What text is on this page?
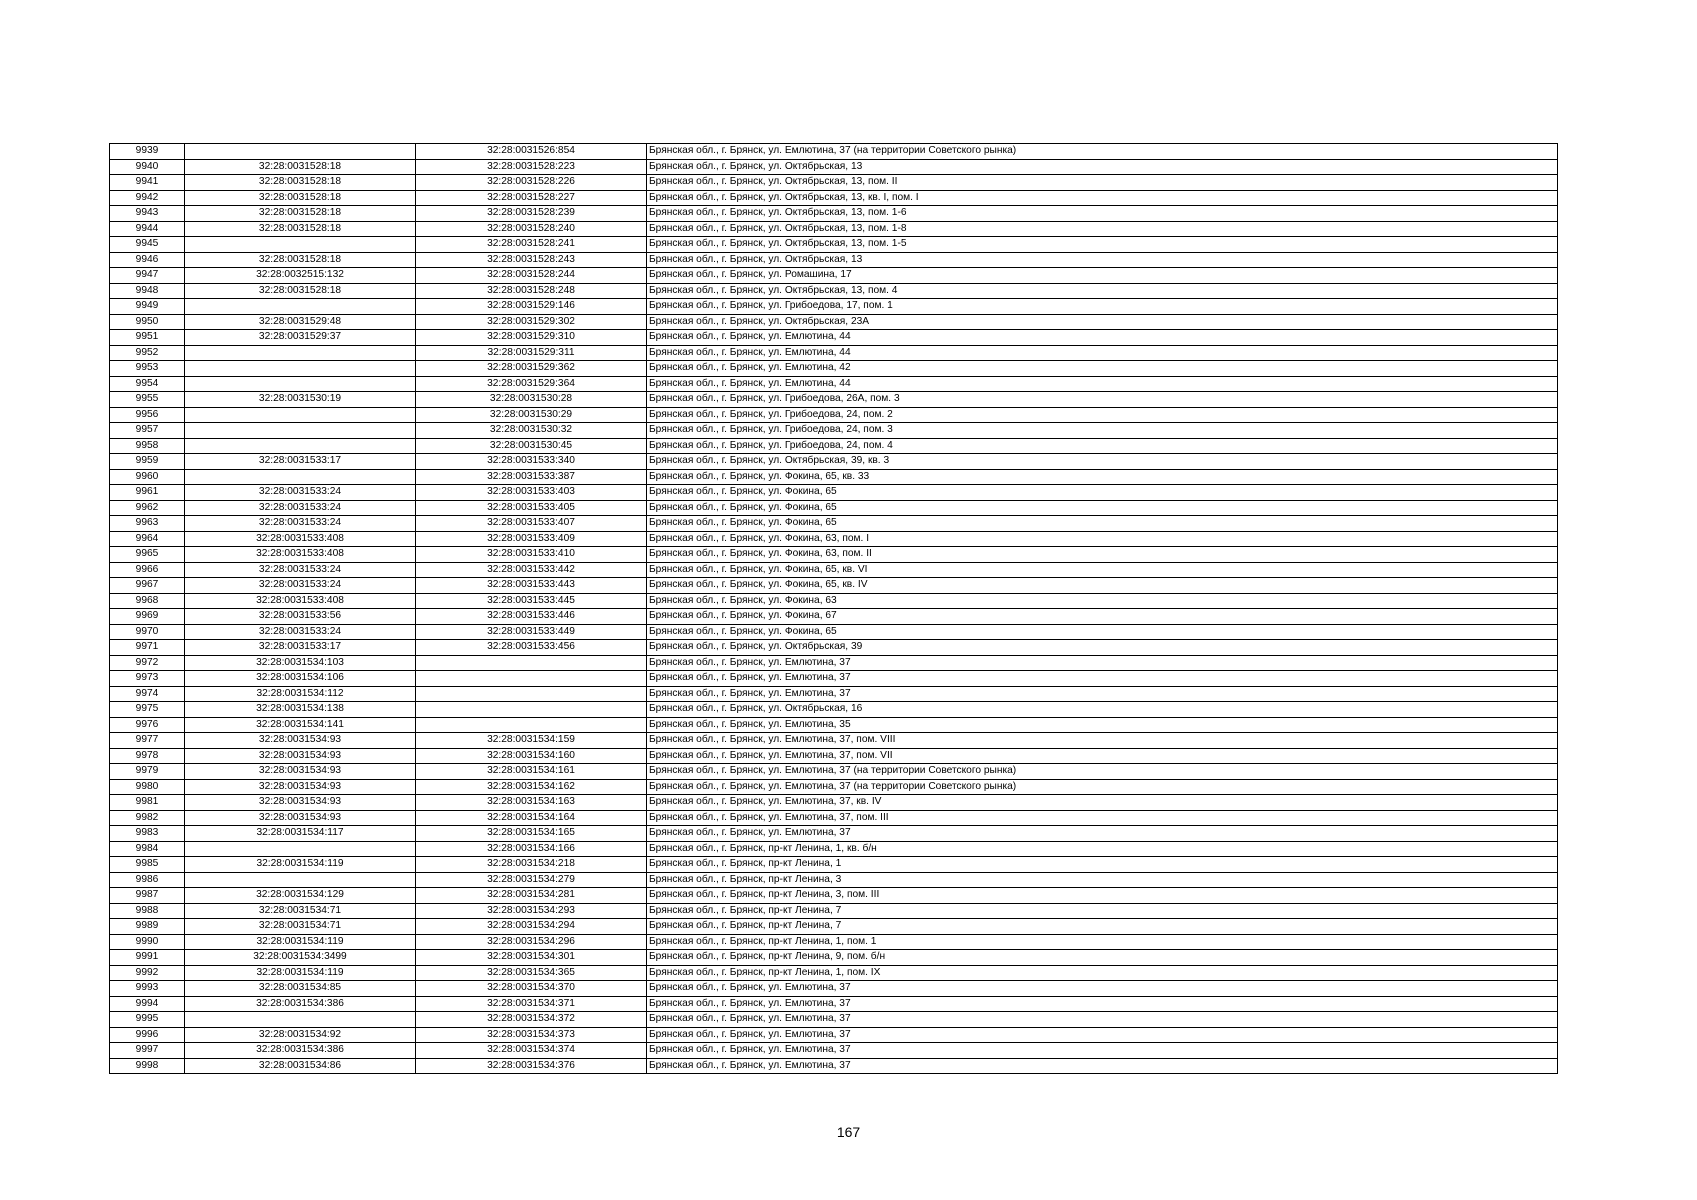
9939		32:28:0031526:854	Брянская обл., г. Брянск, ул. Емлютина, 37 (на территории Советского рынка)
9940	32:28:0031528:18	32:28:0031528:223	Брянская обл., г. Брянск, ул. Октябрьская, 13
9941	32:28:0031528:18	32:28:0031528:226	Брянская обл., г. Брянск, ул. Октябрьская, 13, пом. II
9942	32:28:0031528:18	32:28:0031528:227	Брянская обл., г. Брянск, ул. Октябрьская, 13, кв. I, пом. I
9943	32:28:0031528:18	32:28:0031528:239	Брянская обл., г. Брянск, ул. Октябрьская, 13, пом. 1-6
9944	32:28:0031528:18	32:28:0031528:240	Брянская обл., г. Брянск, ул. Октябрьская, 13, пом. 1-8
9945		32:28:0031528:241	Брянская обл., г. Брянск, ул. Октябрьская, 13, пом. 1-5
9946	32:28:0031528:18	32:28:0031528:243	Брянская обл., г. Брянск, ул. Октябрьская, 13
9947	32:28:0032515:132	32:28:0031528:244	Брянская обл., г. Брянск, ул. Ромашина, 17
9948	32:28:0031528:18	32:28:0031528:248	Брянская обл., г. Брянск, ул. Октябрьская, 13, пом. 4
9949		32:28:0031529:146	Брянская обл., г. Брянск, ул. Грибоедова, 17, пом. 1
9950	32:28:0031529:48	32:28:0031529:302	Брянская обл., г. Брянск, ул. Октябрьская, 23А
9951	32:28:0031529:37	32:28:0031529:310	Брянская обл., г. Брянск, ул. Емлютина, 44
9952		32:28:0031529:311	Брянская обл., г. Брянск, ул. Емлютина, 44
9953		32:28:0031529:362	Брянская обл., г. Брянск, ул. Емлютина, 42
9954		32:28:0031529:364	Брянская обл., г. Брянск, ул. Емлютина, 44
9955	32:28:0031530:19	32:28:0031530:28	Брянская обл., г. Брянск, ул. Грибоедова, 26А, пом. 3
9956		32:28:0031530:29	Брянская обл., г. Брянск, ул. Грибоедова, 24, пом. 2
9957		32:28:0031530:32	Брянская обл., г. Брянск, ул. Грибоедова, 24, пом. 3
9958		32:28:0031530:45	Брянская обл., г. Брянск, ул. Грибоедова, 24, пом. 4
9959	32:28:0031533:17	32:28:0031533:340	Брянская обл., г. Брянск, ул. Октябрьская, 39, кв. 3
9960		32:28:0031533:387	Брянская обл., г. Брянск, ул. Фокина, 65, кв. 33
9961	32:28:0031533:24	32:28:0031533:403	Брянская обл., г. Брянск, ул. Фокина, 65
9962	32:28:0031533:24	32:28:0031533:405	Брянская обл., г. Брянск, ул. Фокина, 65
9963	32:28:0031533:24	32:28:0031533:407	Брянская обл., г. Брянск, ул. Фокина, 65
9964	32:28:0031533:408	32:28:0031533:409	Брянская обл., г. Брянск, ул. Фокина, 63, пом. I
9965	32:28:0031533:408	32:28:0031533:410	Брянская обл., г. Брянск, ул. Фокина, 63, пом. II
9966	32:28:0031533:24	32:28:0031533:442	Брянская обл., г. Брянск, ул. Фокина, 65, кв. VI
9967	32:28:0031533:24	32:28:0031533:443	Брянская обл., г. Брянск, ул. Фокина, 65, кв. IV
9968	32:28:0031533:408	32:28:0031533:445	Брянская обл., г. Брянск, ул. Фокина, 63
9969	32:28:0031533:56	32:28:0031533:446	Брянская обл., г. Брянск, ул. Фокина, 67
9970	32:28:0031533:24	32:28:0031533:449	Брянская обл., г. Брянск, ул. Фокина, 65
9971	32:28:0031533:17	32:28:0031533:456	Брянская обл., г. Брянск, ул. Октябрьская, 39
9972	32:28:0031534:103		Брянская обл., г. Брянск, ул. Емлютина, 37
9973	32:28:0031534:106		Брянская обл., г. Брянск, ул. Емлютина, 37
9974	32:28:0031534:112		Брянская обл., г. Брянск, ул. Емлютина, 37
9975	32:28:0031534:138		Брянская обл., г. Брянск, ул. Октябрьская, 16
9976	32:28:0031534:141		Брянская обл., г. Брянск, ул. Емлютина, 35
9977	32:28:0031534:93	32:28:0031534:159	Брянская обл., г. Брянск, ул. Емлютина, 37, пом. VIII
9978	32:28:0031534:93	32:28:0031534:160	Брянская обл., г. Брянск, ул. Емлютина, 37, пом. VII
9979	32:28:0031534:93	32:28:0031534:161	Брянская обл., г. Брянск, ул. Емлютина, 37 (на территории Советского рынка)
9980	32:28:0031534:93	32:28:0031534:162	Брянская обл., г. Брянск, ул. Емлютина, 37 (на территории Советского рынка)
9981	32:28:0031534:93	32:28:0031534:163	Брянская обл., г. Брянск, ул. Емлютина, 37, кв. IV
9982	32:28:0031534:93	32:28:0031534:164	Брянская обл., г. Брянск, ул. Емлютина, 37, пом. III
9983	32:28:0031534:117	32:28:0031534:165	Брянская обл., г. Брянск, ул. Емлютина, 37
9984		32:28:0031534:166	Брянская обл., г. Брянск, пр-кт Ленина, 1, кв. б/н
9985	32:28:0031534:119	32:28:0031534:218	Брянская обл., г. Брянск, пр-кт Ленина, 1
9986		32:28:0031534:279	Брянская обл., г. Брянск, пр-кт Ленина, 3
9987	32:28:0031534:129	32:28:0031534:281	Брянская обл., г. Брянск, пр-кт Ленина, 3, пом. III
9988	32:28:0031534:71	32:28:0031534:293	Брянская обл., г. Брянск, пр-кт Ленина, 7
9989	32:28:0031534:71	32:28:0031534:294	Брянская обл., г. Брянск, пр-кт Ленина, 7
9990	32:28:0031534:119	32:28:0031534:296	Брянская обл., г. Брянск, пр-кт Ленина, 1, пом. 1
9991	32:28:0031534:3499	32:28:0031534:301	Брянская обл., г. Брянск, пр-кт Ленина, 9, пом. б/н
9992	32:28:0031534:119	32:28:0031534:365	Брянская обл., г. Брянск, пр-кт Ленина, 1, пом. IX
9993	32:28:0031534:85	32:28:0031534:370	Брянская обл., г. Брянск, ул. Емлютина, 37
9994	32:28:0031534:386	32:28:0031534:371	Брянская обл., г. Брянск, ул. Емлютина, 37
9995		32:28:0031534:372	Брянская обл., г. Брянск, ул. Емлютина, 37
9996	32:28:0031534:92	32:28:0031534:373	Брянская обл., г. Брянск, ул. Емлютина, 37
9997	32:28:0031534:386	32:28:0031534:374	Брянская обл., г. Брянск, ул. Емлютина, 37
9998	32:28:0031534:86	32:28:0031534:376	Брянская обл., г. Брянск, ул. Емлютина, 37
167
